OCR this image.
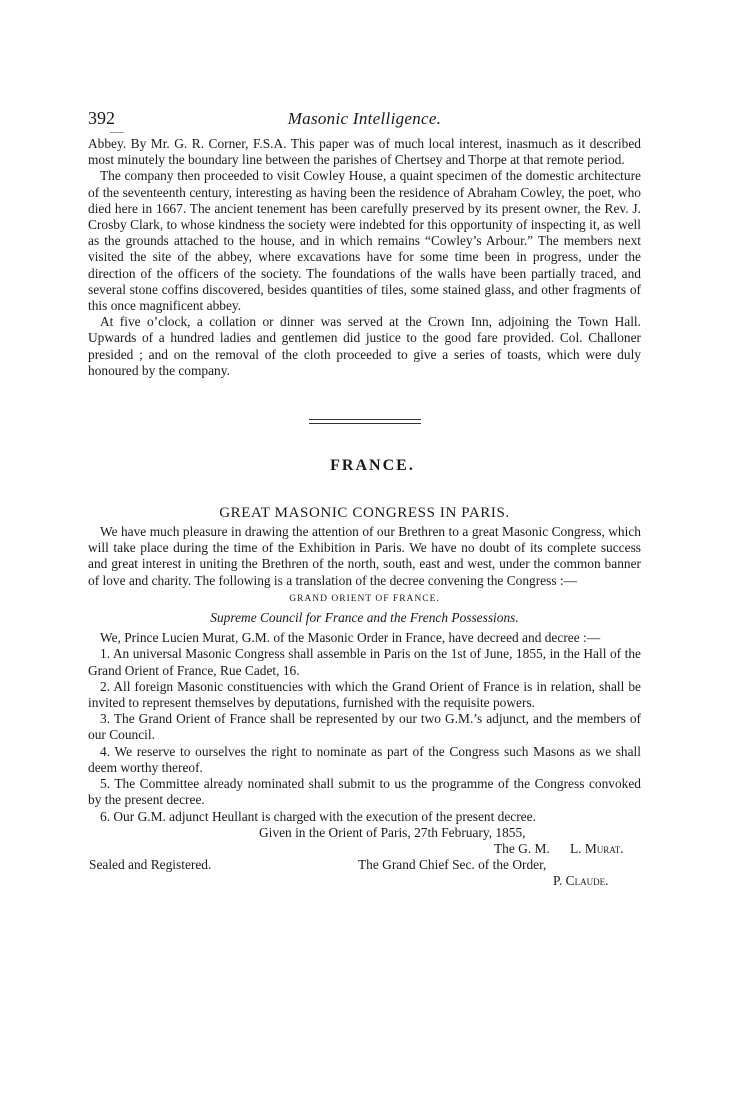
392	Masonic Intelligence.

Abbey. By Mr. G. R. Corner, F.S.A. This paper was of much local interest, inasmuch as it described most minutely the boundary line between the parishes of Chertsey and Thorpe at that remote period.

The company then proceeded to visit Cowley House, a quaint specimen of the domestic architecture of the seventeenth century, interesting as having been the residence of Abraham Cowley, the poet, who died here in 1667. The ancient tenement has been carefully preserved by its present owner, the Rev. J. Crosby Clark, to whose kindness the society were indebted for this opportunity of inspecting it, as well as the grounds attached to the house, and in which remains “Cowley’s Arbour.” The members next visited the site of the abbey, where excavations have for some time been in progress, under the direction of the officers of the society. The foundations of the walls have been partially traced, and several stone coffins discovered, besides quantities of tiles, some stained glass, and other fragments of this once magnificent abbey.

At five o’clock, a collation or dinner was served at the Crown Inn, adjoining the Town Hall. Upwards of a hundred ladies and gentlemen did justice to the good fare provided. Col. Challoner presided ; and on the removal of the cloth proceeded to give a series of toasts, which were duly honoured by the company.

FRANCE.
GREAT MASONIC CONGRESS IN PARIS.

We have much pleasure in drawing the attention of our Brethren to a great Masonic Congress, which will take place during the time of the Exhibition in Paris. We have no doubt of its complete success and great interest in uniting the Brethren of the north, south, east and west, under the common banner of love and charity. The following is a translation of the decree convening the Congress :—

GRAND ORIENT OF FRANCE.
Supreme Council for France and the French Possessions.

We, Prince Lucien Murat, G.M. of the Masonic Order in France, have decreed and decree :—

1. An universal Masonic Congress shall assemble in Paris on the 1st of June, 1855, in the Hall of the Grand Orient of France, Rue Cadet, 16.

2. All foreign Masonic constituencies with which the Grand Orient of France is in relation, shall be invited to represent themselves by deputations, furnished with the requisite powers.

3. The Grand Orient of France shall be represented by our two G.M.’s adjunct, and the members of our Council.

4. We reserve to ourselves the right to nominate as part of the Congress such Masons as we shall deem worthy thereof.

5. The Committee already nominated shall submit to us the programme of the Congress convoked by the present decree.

6. Our G.M. adjunct Heullant is charged with the execution of the present decree.

Given in the Orient of Paris, 27th February, 1855,
The G. M. L. Murat.
Sealed and Registered.	The Grand Chief Sec. of the Order,
P. Claude.
